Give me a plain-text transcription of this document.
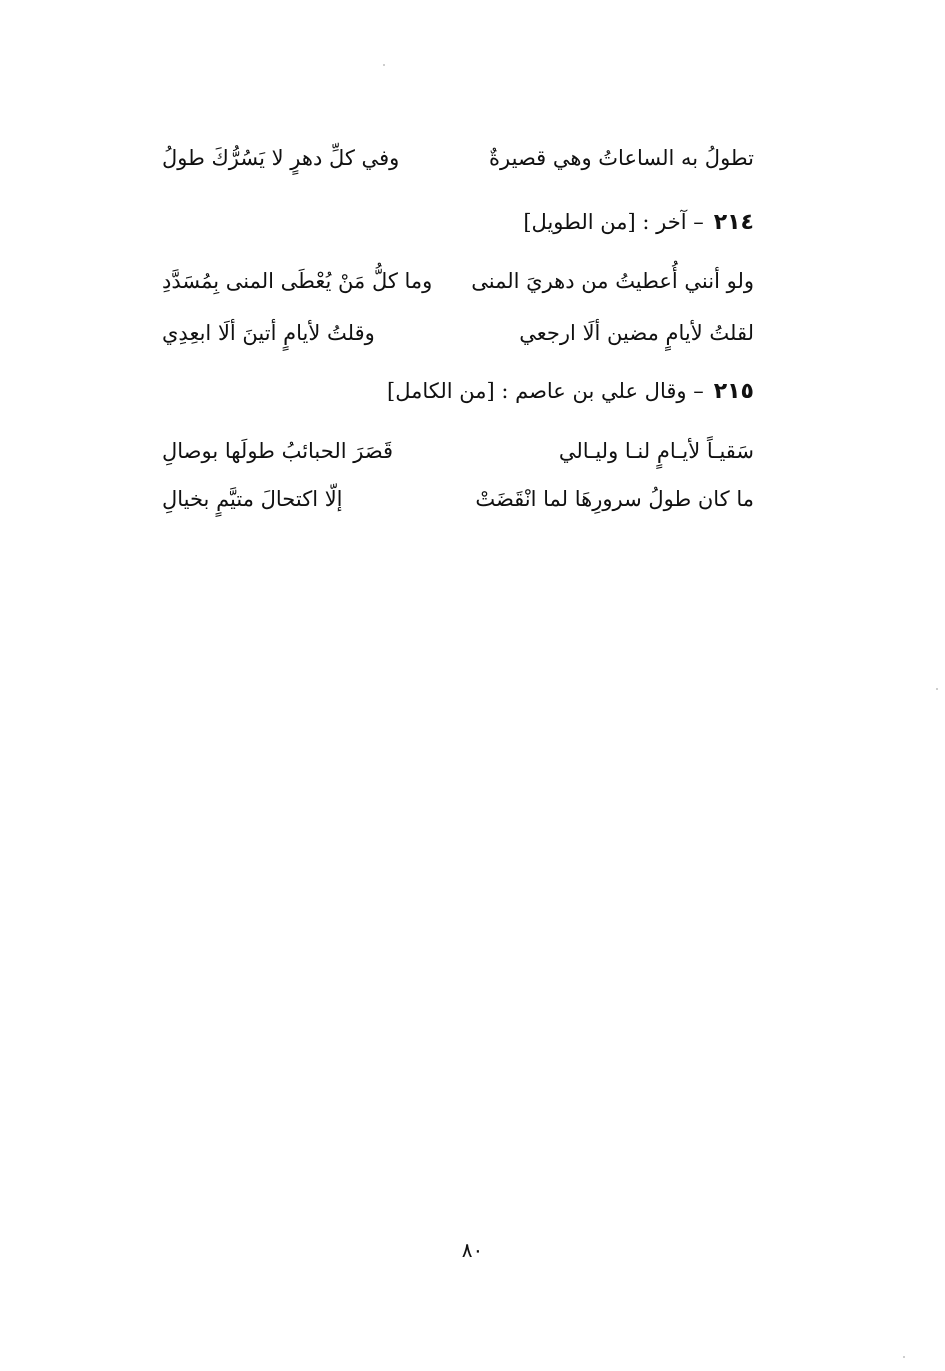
تطولُ به الساعاتُ وهي قصيرةٌ
وفي كلِّ دهرٍ لا يَسُرُّكَ طولُ
٢١٤– آخر : [من الطويل]
ولو أنني أُعطيتُ من دهريَ المنى
وما كلُّ مَنْ يُعْطَى المنى بِمُسَدَّدِ
لقلتُ لأيامٍ مضين ألَا ارجعي
وقلتُ لأيامٍ أتينَ ألَا ابعِدِي
٢١٥– وقال علي بن عاصم : [من الكامل]
سَقيـاً لأيـامٍ لنـا وليـالي
قَصَرَ الحبائبُ طولَها بوصالِ
ما كان طولُ سرورِهَا لما انْقَضَتْ
إلّا اكتحالَ متيَّمٍ بخيالِ
٨٠
